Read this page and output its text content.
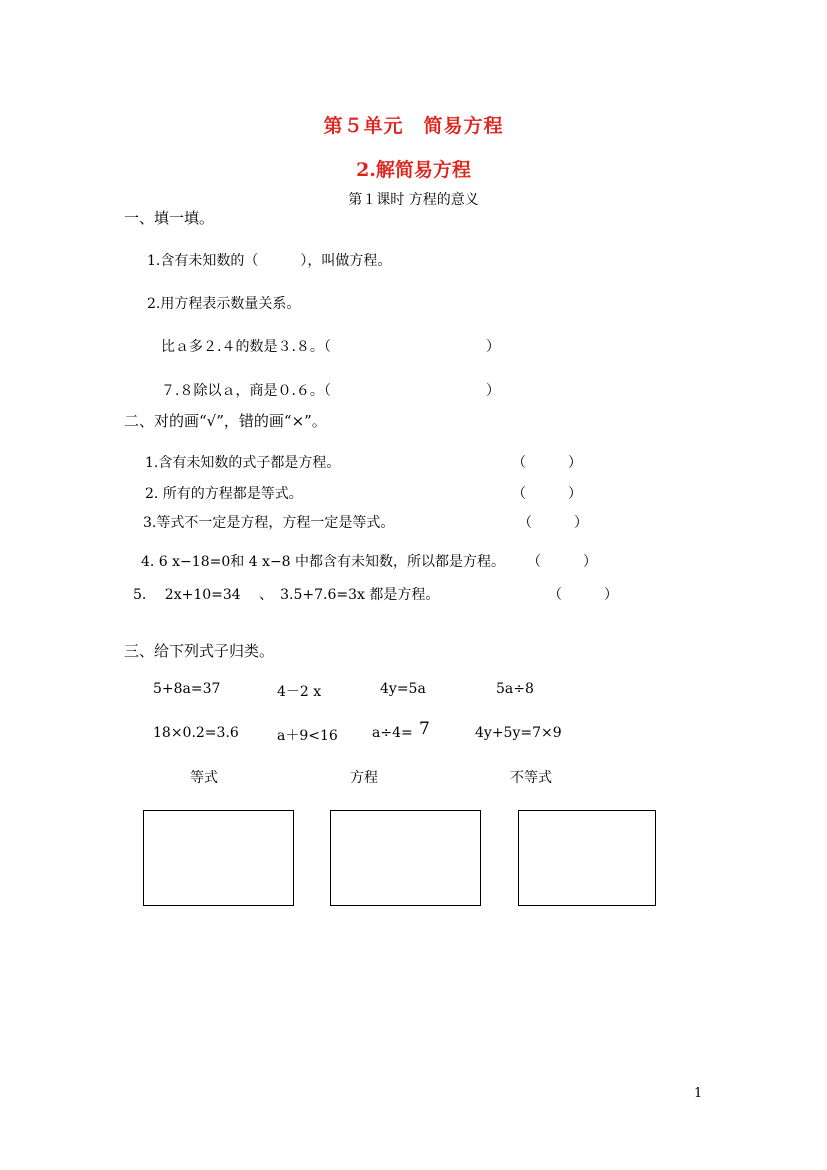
第５单元　简易方程
2.解简易方程
第１课时 方程的意义
一、填一填。
1.含有未知数的（　　　），叫做方程。
2.用方程表示数量关系。
比ａ多２.４的数是３.８。（	）
７.８除以ａ，商是０.６。（	）
二、对的画“√”，错的画“×”。
1.含有未知数的式子都是方程。	（　　　）
2. 所有的方程都是等式。	（　　　）
3.等式不一定是方程，方程一定是等式。	（　　　）
4. 6 x−18=0和 4 x−8 中都含有未知数，所以都是方程。 （　　　）
5.　 2x+10=34　 、　3.5+7.6=3x 都是方程。	（　　　）
三、给下列式子归类。
5+8a=37	4－2 x	4y=5a	5a÷8
18×0.2=3.6	a＋9<16 a÷4= 7	4y+5y=7×9
等式	方程	不等式
1
